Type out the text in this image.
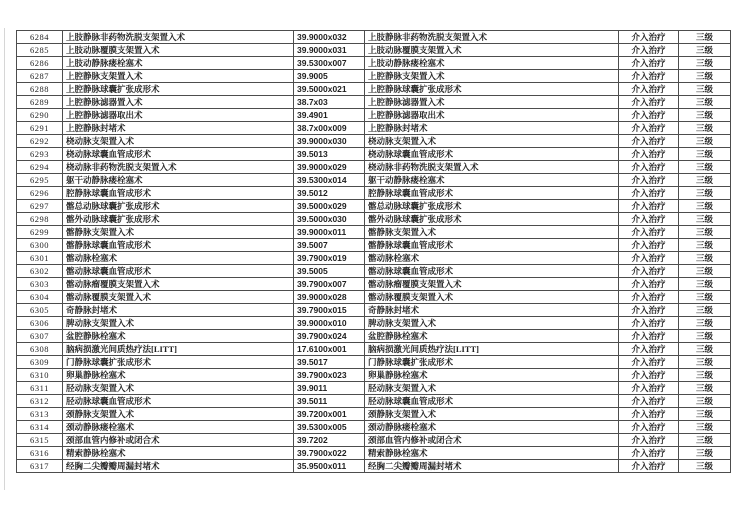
6284	上肢静脉非药物洗脱支架置入术	39.9000x032	上肢静脉非药物洗脱支架置入术	介入治疗	三级
6285	上肢动脉覆膜支架置入术	39.9000x031	上肢动脉覆膜支架置入术	介入治疗	三级
6286	上肢动静脉瘘栓塞术	39.5300x007	上肢动静脉瘘栓塞术	介入治疗	三级
6287	上腔静脉支架置入术	39.9005	上腔静脉支架置入术	介入治疗	三级
6288	上腔静脉球囊扩张成形术	39.5000x021	上腔静脉球囊扩张成形术	介入治疗	三级
6289	上腔静脉滤器置入术	38.7x03	上腔静脉滤器置入术	介入治疗	三级
6290	上腔静脉滤器取出术	39.4901	上腔静脉滤器取出术	介入治疗	三级
6291	上腔静脉封堵术	38.7x00x009	上腔静脉封堵术	介入治疗	三级
6292	桡动脉支架置入术	39.9000x030	桡动脉支架置入术	介入治疗	三级
6293	桡动脉球囊血管成形术	39.5013	桡动脉球囊血管成形术	介入治疗	三级
6294	桡动脉非药物洗脱支架置入术	39.9000x029	桡动脉非药物洗脱支架置入术	介入治疗	三级
6295	躯干动静脉瘘栓塞术	39.5300x014	躯干动静脉瘘栓塞术	介入治疗	三级
6296	腔静脉球囊血管成形术	39.5012	腔静脉球囊血管成形术	介入治疗	三级
6297	髂总动脉球囊扩张成形术	39.5000x029	髂总动脉球囊扩张成形术	介入治疗	三级
6298	髂外动脉球囊扩张成形术	39.5000x030	髂外动脉球囊扩张成形术	介入治疗	三级
6299	髂静脉支架置入术	39.9000x011	髂静脉支架置入术	介入治疗	三级
6300	髂静脉球囊血管成形术	39.5007	髂静脉球囊血管成形术	介入治疗	三级
6301	髂动脉栓塞术	39.7900x019	髂动脉栓塞术	介入治疗	三级
6302	髂动脉球囊血管成形术	39.5005	髂动脉球囊血管成形术	介入治疗	三级
6303	髂动脉瘤覆膜支架置入术	39.7900x007	髂动脉瘤覆膜支架置入术	介入治疗	三级
6304	髂动脉覆膜支架置入术	39.9000x028	髂动脉覆膜支架置入术	介入治疗	三级
6305	奇静脉封堵术	39.7900x015	奇静脉封堵术	介入治疗	三级
6306	脾动脉支架置入术	39.9000x010	脾动脉支架置入术	介入治疗	三级
6307	盆腔静脉栓塞术	39.7900x024	盆腔静脉栓塞术	介入治疗	三级
6308	脑病损激光间质热疗法[LITT]	17.6100x001	脑病损激光间质热疗法[LITT]	介入治疗	三级
6309	门静脉球囊扩张成形术	39.5017	门静脉球囊扩张成形术	介入治疗	三级
6310	卵巢静脉栓塞术	39.7900x023	卵巢静脉栓塞术	介入治疗	三级
6311	胫动脉支架置入术	39.9011	胫动脉支架置入术	介入治疗	三级
6312	胫动脉球囊血管成形术	39.5011	胫动脉球囊血管成形术	介入治疗	三级
6313	颈静脉支架置入术	39.7200x001	颈静脉支架置入术	介入治疗	三级
6314	颈动静脉瘘栓塞术	39.5300x005	颈动静脉瘘栓塞术	介入治疗	三级
6315	颈部血管内修补或闭合术	39.7202	颈部血管内修补或闭合术	介入治疗	三级
6316	精索静脉栓塞术	39.7900x022	精索静脉栓塞术	介入治疗	三级
6317	经胸二尖瓣瓣周漏封堵术	35.9500x011	经胸二尖瓣瓣周漏封堵术	介入治疗	三级
